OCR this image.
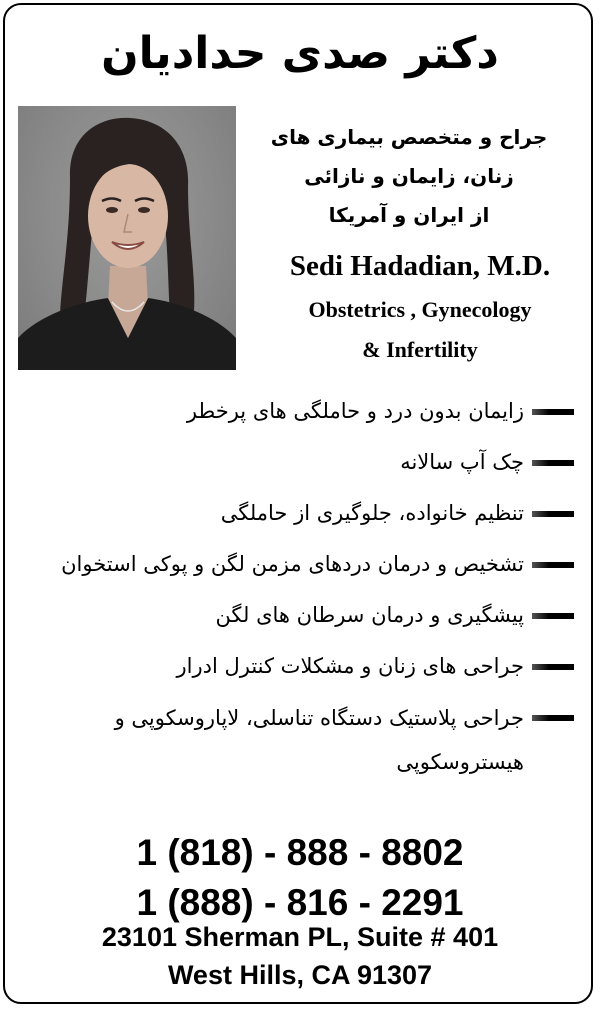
دکتر صدی حدادیان

جراح و متخصص بیماری های
زنان، زایمان و نازائی
از ایران و آمریکا

Sedi Hadadian, M.D.

Obstetrics , Gynecology
& Infertility

زایمان بدون درد و حاملگی های پرخطر
چک آپ سالانه
تنظیم خانواده، جلوگیری از حاملگی
تشخیص و درمان دردهای مزمن لگن و پوکی استخوان
پیشگیری و درمان سرطان های لگن
جراحی های زنان و مشکلات کنترل ادرار
جراحی پلاستیک دستگاه تناسلی، لاپاروسکوپی و هیستروسکوپی

1 (818) - 888 - 8802
1 (888) - 816 - 2291

23101 Sherman PL, Suite # 401
West Hills, CA 91307
